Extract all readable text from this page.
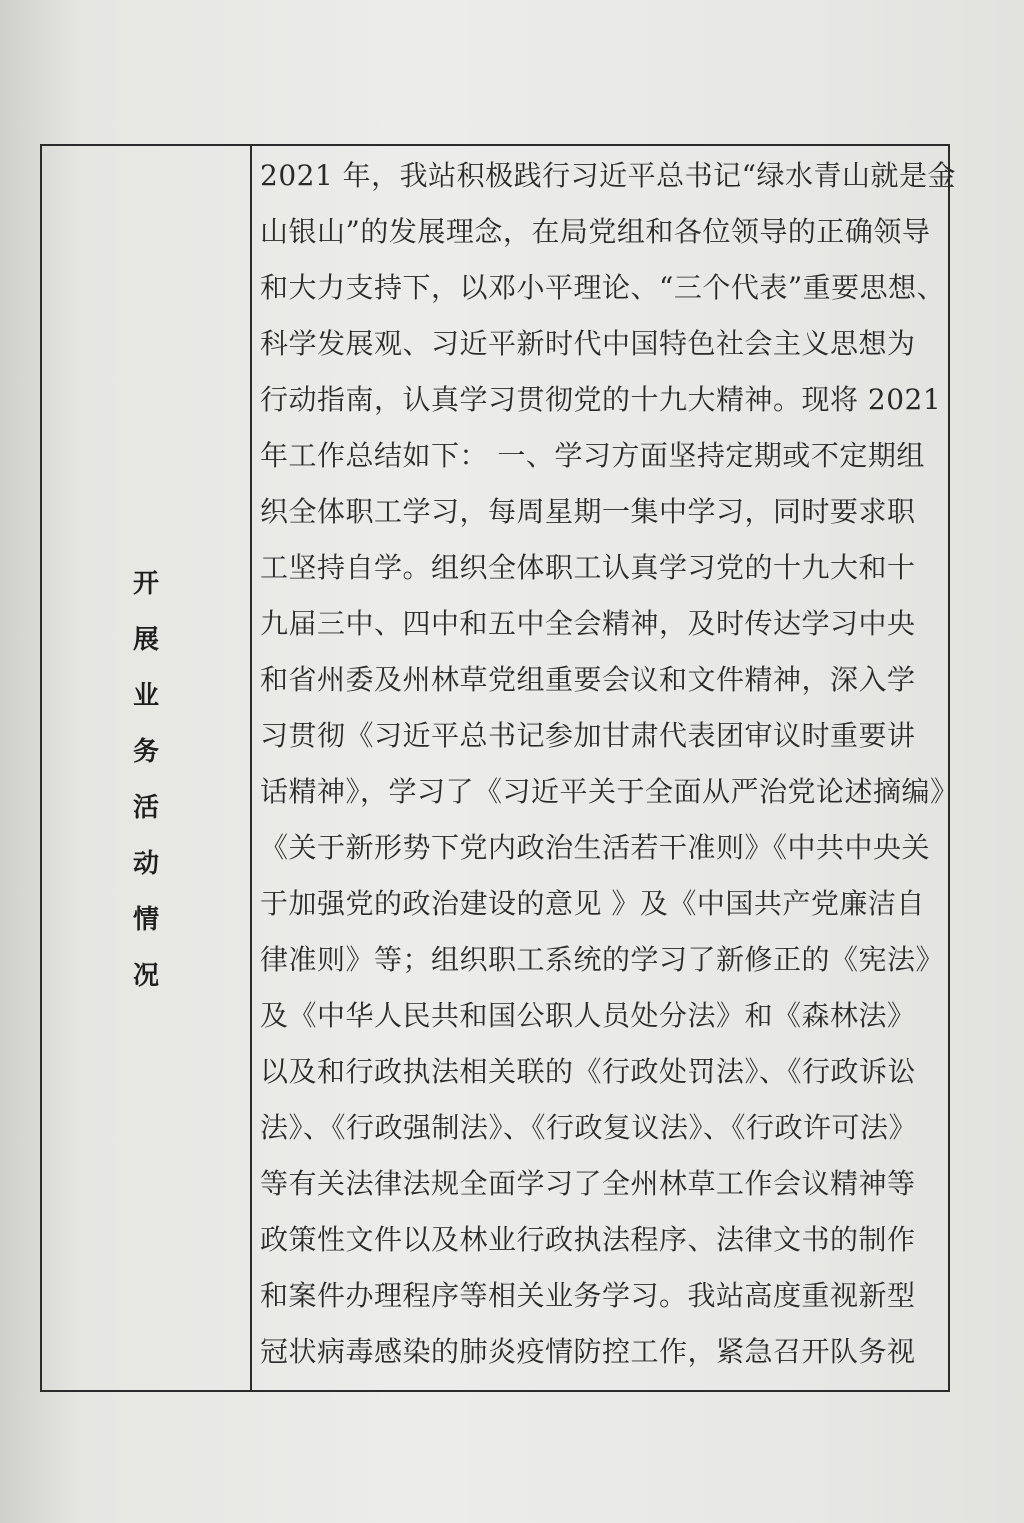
开
展
业
务
活
动
情
况
2021 年，我站积极践行习近平总书记“绿水青山就是金
山银山”的发展理念，在局党组和各位领导的正确领导
和大力支持下，以邓小平理论、“三个代表”重要思想、
科学发展观、习近平新时代中国特色社会主义思想为
行动指南，认真学习贯彻党的十九大精神。现将 2021
年工作总结如下： 一、学习方面坚持定期或不定期组
织全体职工学习，每周星期一集中学习，同时要求职
工坚持自学。组织全体职工认真学习党的十九大和十
九届三中、四中和五中全会精神，及时传达学习中央
和省州委及州林草党组重要会议和文件精神，深入学
习贯彻《习近平总书记参加甘肃代表团审议时重要讲
话精神》，学习了《习近平关于全面从严治党论述摘编》
《关于新形势下党内政治生活若干准则》《中共中央关
于加强党的政治建设的意见 》及《中国共产党廉洁自
律准则》等；组织职工系统的学习了新修正的《宪法》
及《中华人民共和国公职人员处分法》和《森林法》
以及和行政执法相关联的《行政处罚法》、《行政诉讼
法》、《行政强制法》、《行政复议法》、《行政许可法》
等有关法律法规全面学习了全州林草工作会议精神等
政策性文件以及林业行政执法程序、法律文书的制作
和案件办理程序等相关业务学习。我站高度重视新型
冠状病毒感染的肺炎疫情防控工作，紧急召开队务视
